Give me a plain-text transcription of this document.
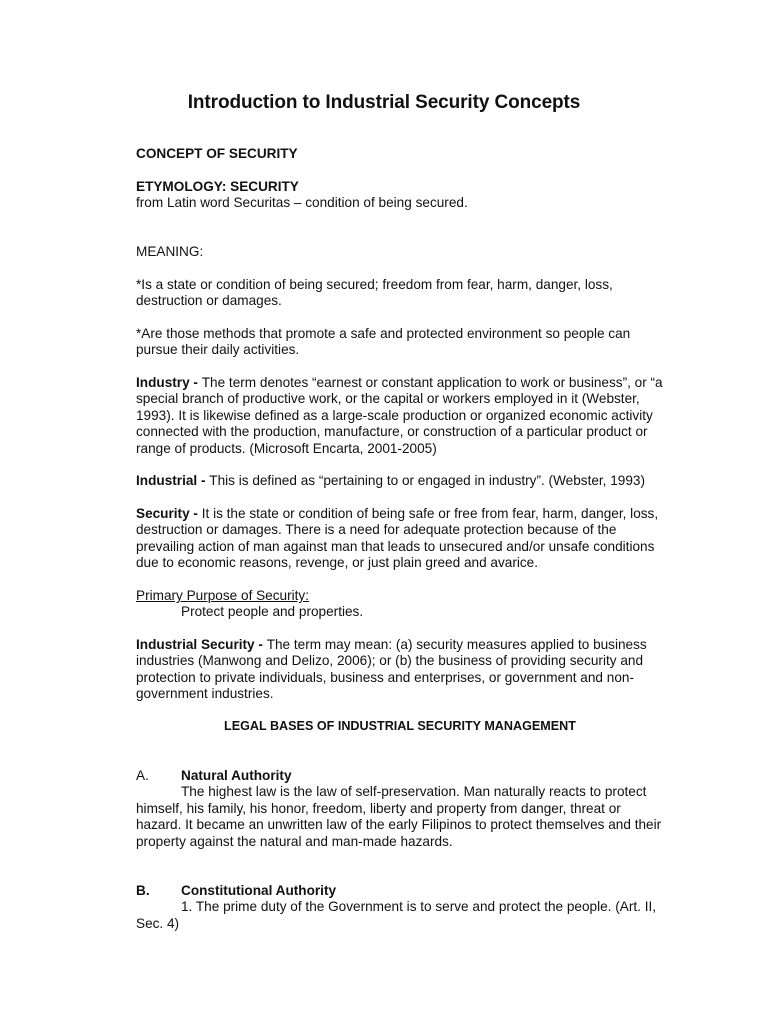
Introduction to Industrial Security Concepts
CONCEPT OF SECURITY
ETYMOLOGY: SECURITY
from Latin word Securitas – condition of being secured.
MEANING:
*Is a state or condition of being secured; freedom from fear, harm, danger, loss, destruction or damages.
*Are those methods that promote a safe and protected environment so people can pursue their daily activities.
Industry - The term denotes “earnest or constant application to work or business”, or “a special branch of productive work, or the capital or workers employed in it (Webster, 1993). It is likewise defined as a large-scale production or organized economic activity connected with the production, manufacture, or construction of a particular product or range of products. (Microsoft Encarta, 2001-2005)
Industrial - This is defined as “pertaining to or engaged in industry”. (Webster, 1993)
Security - It is the state or condition of being safe or free from fear, harm, danger, loss, destruction or damages. There is a need for adequate protection because of the prevailing action of man against man that leads to unsecured and/or unsafe conditions due to economic reasons, revenge, or just plain greed and avarice.
Primary Purpose of Security:
Protect people and properties.
Industrial Security - The term may mean: (a) security measures applied to business industries (Manwong and Delizo, 2006); or (b) the business of providing security and protection to private individuals, business and enterprises, or government and non-government industries.
LEGAL BASES OF INDUSTRIAL SECURITY MANAGEMENT
A. Natural Authority
The highest law is the law of self-preservation. Man naturally reacts to protect
himself, his family, his honor, freedom, liberty and property from danger, threat or hazard. It became an unwritten law of the early Filipinos to protect themselves and their property against the natural and man-made hazards.
B. Constitutional Authority
1. The prime duty of the Government is to serve and protect the people. (Art. II,
Sec. 4)
